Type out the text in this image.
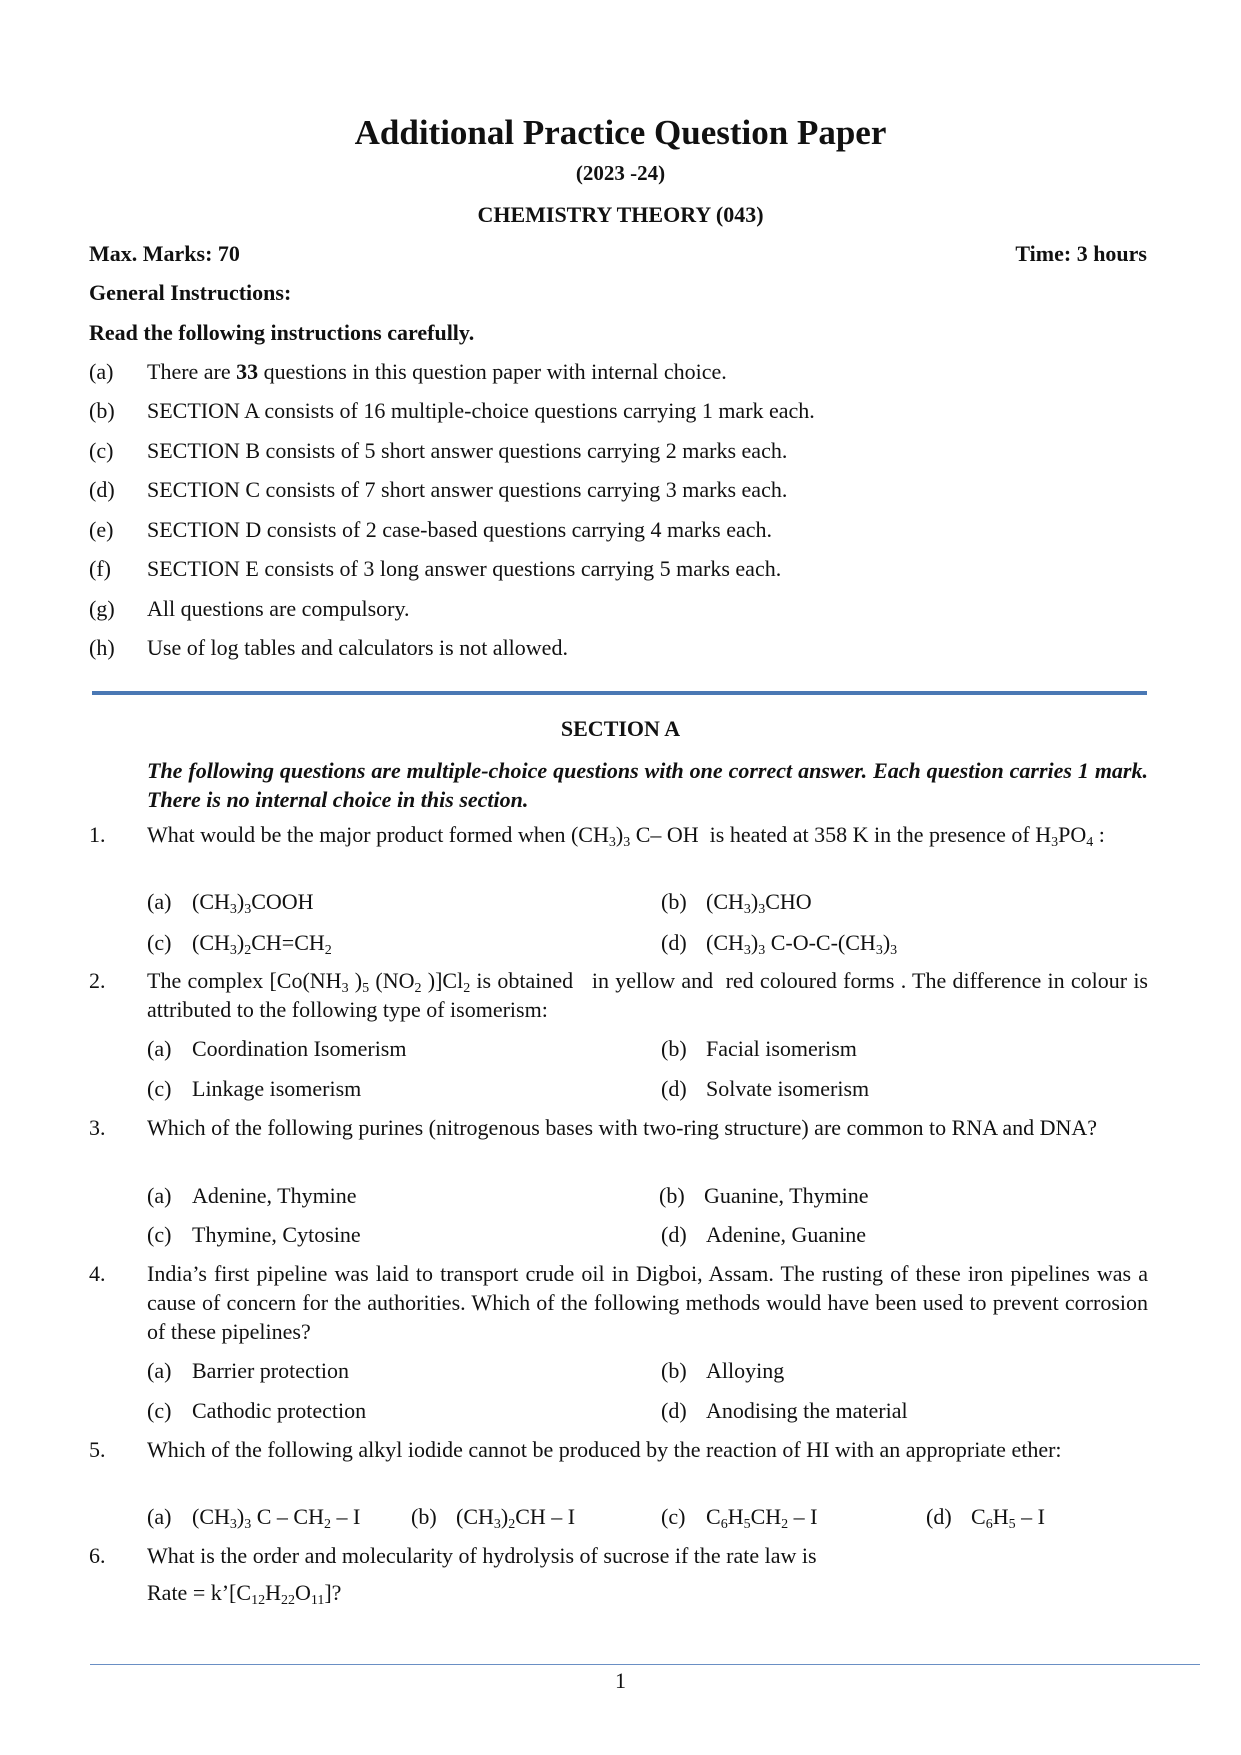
Additional Practice Question Paper
(2023 -24)
CHEMISTRY THEORY (043)
Max. Marks: 70	Time: 3 hours
General Instructions:
Read the following instructions carefully.
(a)	There are 33 questions in this question paper with internal choice.
(b)	SECTION A consists of 16 multiple-choice questions carrying 1 mark each.
(c)	SECTION B consists of 5 short answer questions carrying 2 marks each.
(d)	SECTION C consists of 7 short answer questions carrying 3 marks each.
(e)	SECTION D consists of 2 case-based questions carrying 4 marks each.
(f)	SECTION E consists of 3 long answer questions carrying 5 marks each.
(g)	All questions are compulsory.
(h)	Use of log tables and calculators is not allowed.
SECTION A
The following questions are multiple-choice questions with one correct answer. Each question carries 1 mark. There is no internal choice in this section.
1. What would be the major product formed when $(CH_3)_3$ C– OH  is heated at 358 K in the presence of $H_3PO_4$ :
(a) $(CH_3)_3COOH$	(b) $(CH_3)_3CHO$
(c) $(CH_3)_2CH=CH_2$	(d) $(CH_3)_3$ $C-O-C-(CH_3)_3$
2. The complex [$Co(NH_3$ )$_5$ ($NO_2$ )]$Cl_2$ is obtained   in yellow and  red coloured forms . The difference in colour is attributed to the following type of isomerism:
(a) Coordination Isomerism	(b) Facial isomerism
(c) Linkage isomerism	(d) Solvate isomerism
3. Which of the following purines (nitrogenous bases with two-ring structure) are common to RNA and DNA?
(a) Adenine, Thymine	(b) Guanine, Thymine
(c) Thymine, Cytosine	(d) Adenine, Guanine
4. India’s first pipeline was laid to transport crude oil in Digboi, Assam. The rusting of these iron pipelines was a cause of concern for the authorities. Which of the following methods would have been used to prevent corrosion of these pipelines?
(a) Barrier protection	(b) Alloying
(c) Cathodic protection	(d) Anodising the material
5. Which of the following alkyl iodide cannot be produced by the reaction of HI with an appropriate ether:
(a) $(CH_3)_3$ C – $CH_2$ – I (b) $(CH_3)_2CH$ – I	(c) $C_6H_5CH_2$ – I	(d) $C_6H_5$ – I
6. What is the order and molecularity of hydrolysis of sucrose if the rate law is
Rate = $k’[C_{12}H_{22}O_{11}]$?
1
